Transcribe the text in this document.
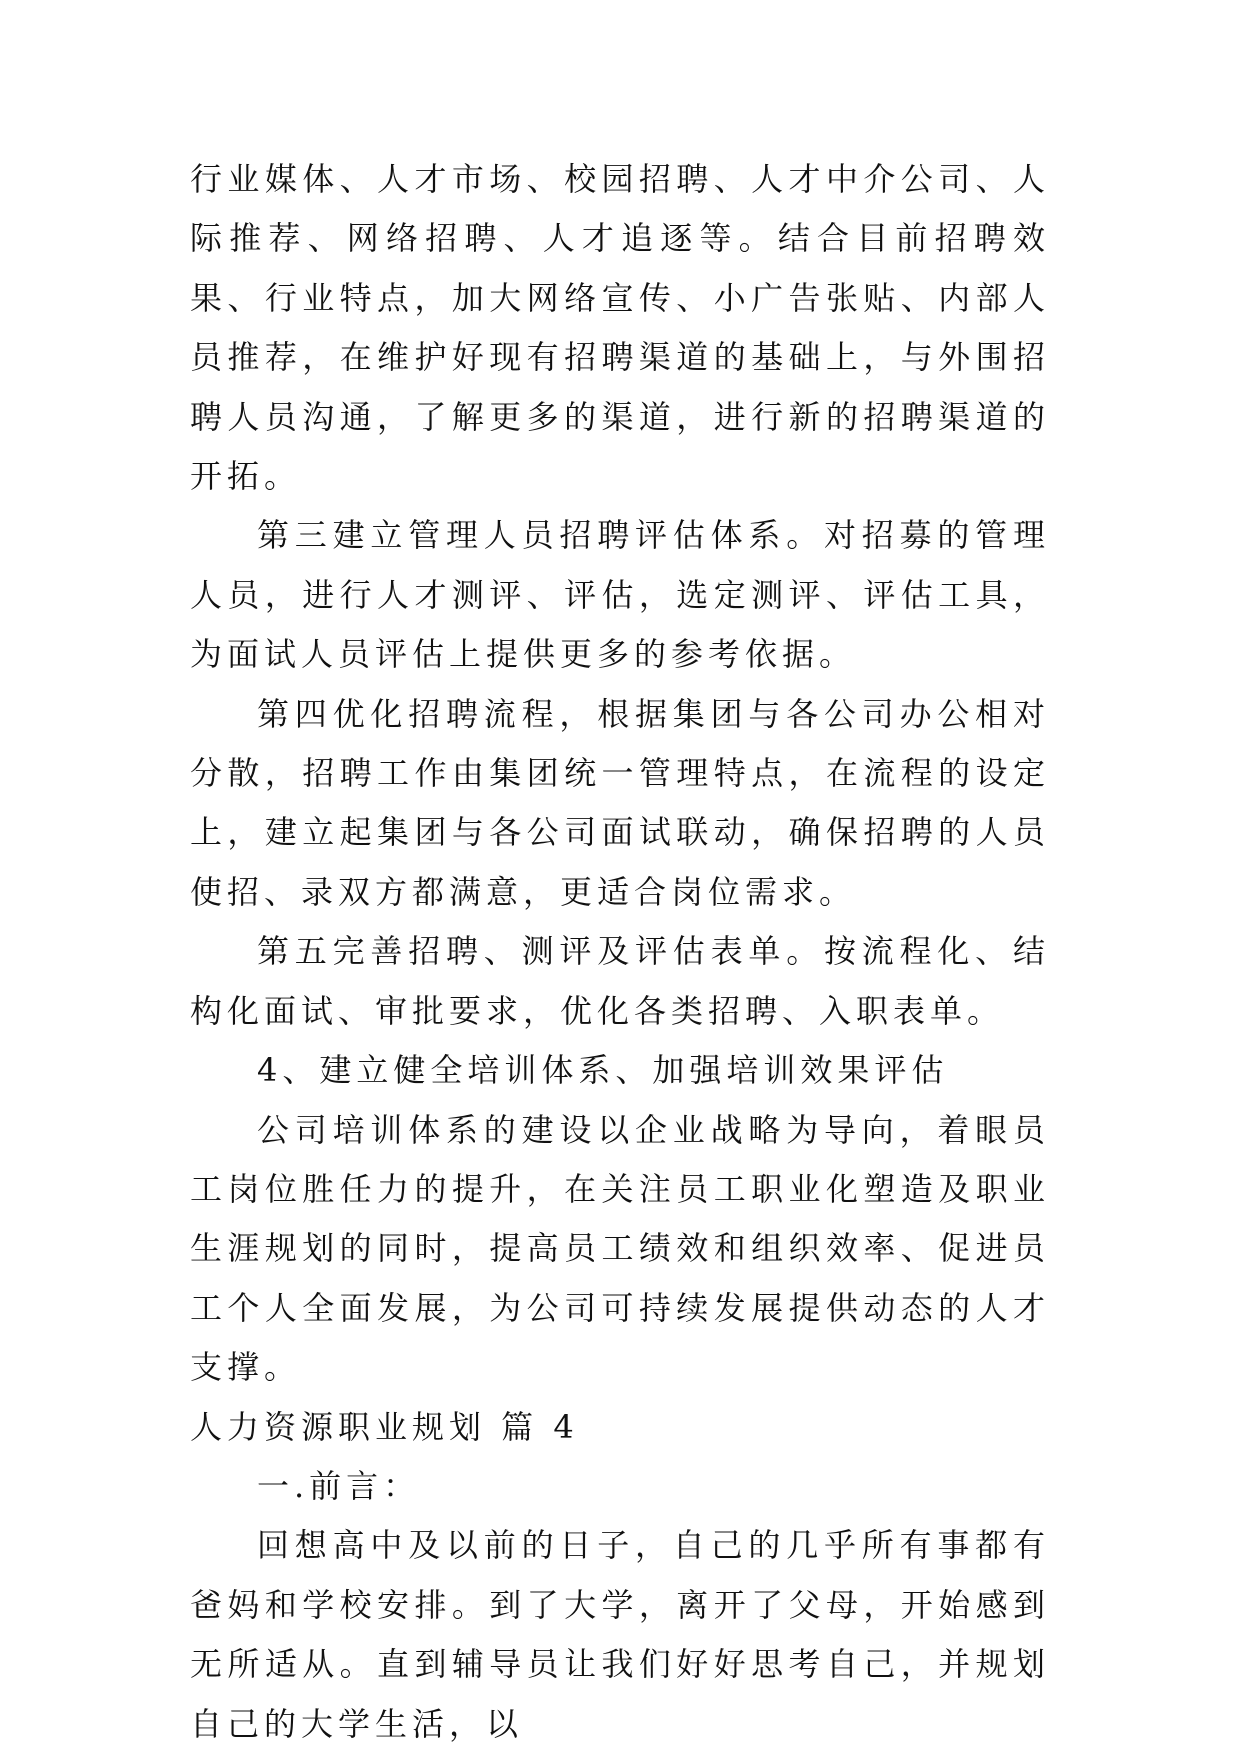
行业媒体、人才市场、校园招聘、人才中介公司、人际推荐、网络招聘、人才追逐等。结合目前招聘效果、行业特点，加大网络宣传、小广告张贴、内部人员推荐，在维护好现有招聘渠道的基础上，与外围招聘人员沟通，了解更多的渠道，进行新的招聘渠道的开拓。

第三建立管理人员招聘评估体系。对招募的管理人员，进行人才测评、评估，选定测评、评估工具，为面试人员评估上提供更多的参考依据。

第四优化招聘流程，根据集团与各公司办公相对分散，招聘工作由集团统一管理特点，在流程的设定上，建立起集团与各公司面试联动，确保招聘的人员使招、录双方都满意，更适合岗位需求。

第五完善招聘、测评及评估表单。按流程化、结构化面试、审批要求，优化各类招聘、入职表单。

4、建立健全培训体系、加强培训效果评估

公司培训体系的建设以企业战略为导向，着眼员工岗位胜任力的提升，在关注员工职业化塑造及职业生涯规划的同时，提高员工绩效和组织效率、促进员工个人全面发展，为公司可持续发展提供动态的人才支撑。

人力资源职业规划 篇 4

一.前言：

回想高中及以前的日子，自己的几乎所有事都有爸妈和学校安排。到了大学，离开了父母，开始感到无所适从。直到辅导员让我们好好思考自己，并规划自己的大学生活，以
